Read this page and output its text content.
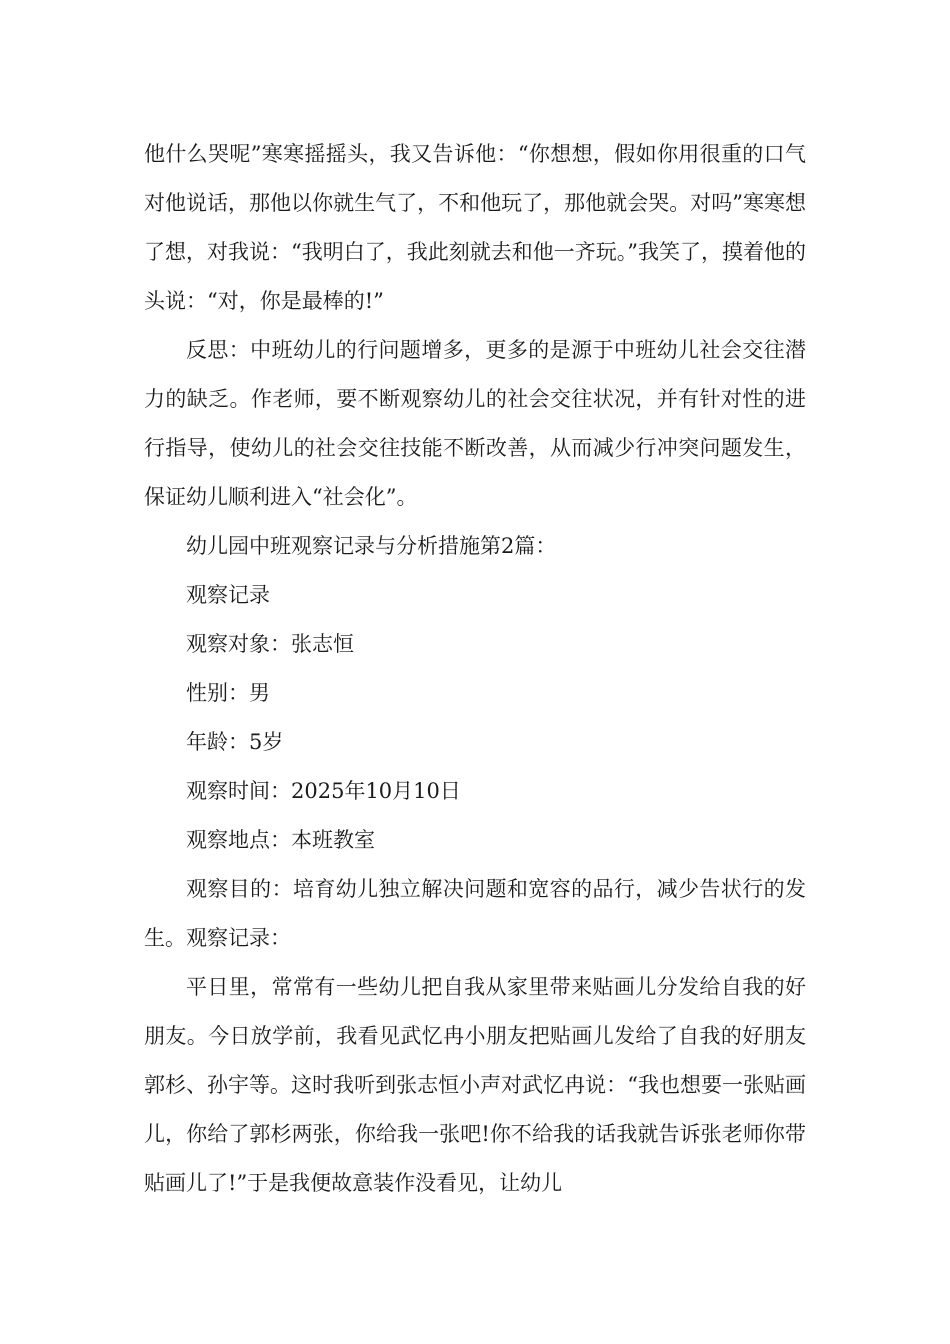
他什么哭呢”寒寒摇摇头，我又告诉他：“你想想，假如你用很重的口气对他说话，那他以你就生气了，不和他玩了，那他就会哭。对吗”寒寒想了想，对我说：“我明白了，我此刻就去和他一齐玩。”我笑了，摸着他的头说：“对，你是最棒的!”

反思：中班幼儿的行问题增多，更多的是源于中班幼儿社会交往潜力的缺乏。作老师，要不断观察幼儿的社会交往状况，并有针对性的进行指导，使幼儿的社会交往技能不断改善，从而减少行冲突问题发生，保证幼儿顺利进入“社会化”。

幼儿园中班观察记录与分析措施第2篇：

观察记录

观察对象：张志恒

性别：男

年龄：5岁

观察时间：2025年10月10日

观察地点：本班教室

观察目的：培育幼儿独立解决问题和宽容的品行，减少告状行的发生。观察记录：

平日里，常常有一些幼儿把自我从家里带来贴画儿分发给自我的好朋友。今日放学前，我看见武忆冉小朋友把贴画儿发给了自我的好朋友郭杉、孙宇等。这时我听到张志恒小声对武忆冉说：“我也想要一张贴画儿，你给了郭杉两张，你给我一张吧!你不给我的话我就告诉张老师你带贴画儿了!”于是我便故意装作没看见，让幼儿
